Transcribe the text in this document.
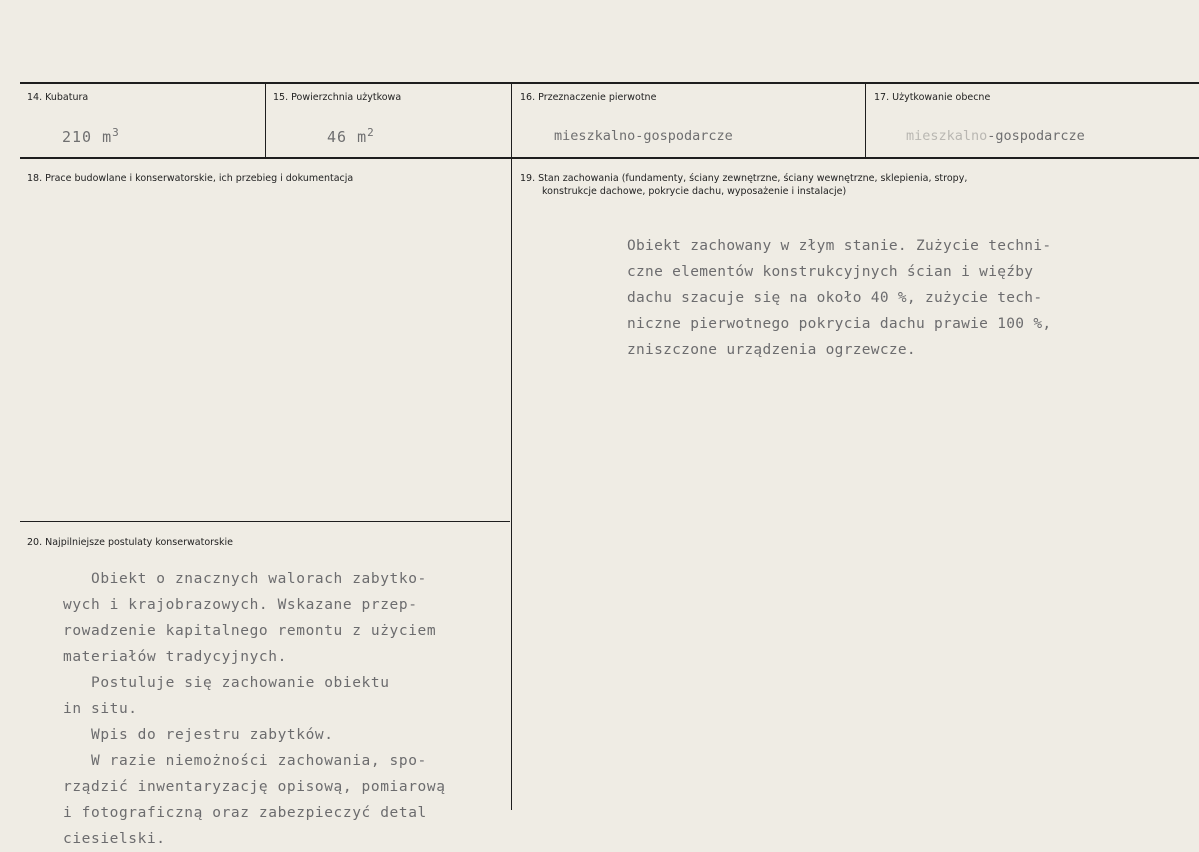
14. Kubatura
210 $m^3$
15. Powierzchnia użytkowa
46 $m^2$
16. Przeznaczenie pierwotne
mieszkalno-gospodarcze
17. Użytkowanie obecne
mieszkalno-gospodarcze
18. Prace budowlane i konserwatorskie, ich przebieg i dokumentacja	19. Stan zachowania (fundamenty, ściany zewnętrzne, ściany wewnętrzne, sklepienia, stropy,
konstrukcje dachowe, pokrycie dachu, wyposażenie i instalacje)
Obiekt zachowany w złym stanie. Zużycie techni-
czne elementów konstrukcyjnych ścian i więźby
dachu szacuje się na około 40 %, zużycie tech-
niczne pierwotnego pokrycia dachu prawie 100 %,
zniszczone urządzenia ogrzewcze.
20. Najpilniejsze postulaty konserwatorskie
Obiekt o znacznych walorach zabytko-
wych i krajobrazowych. Wskazane przep-
rowadzenie kapitalnego remontu z użyciem
materiałów tradycyjnych.
Postuluje się zachowanie obiektu
in situ.
Wpis do rejestru zabytków.
W razie niemożności zachowania, spo-
rządzić inwentaryzację opisową, pomiarową
i fotograficzną oraz zabezpieczyć detal
ciesielski.
